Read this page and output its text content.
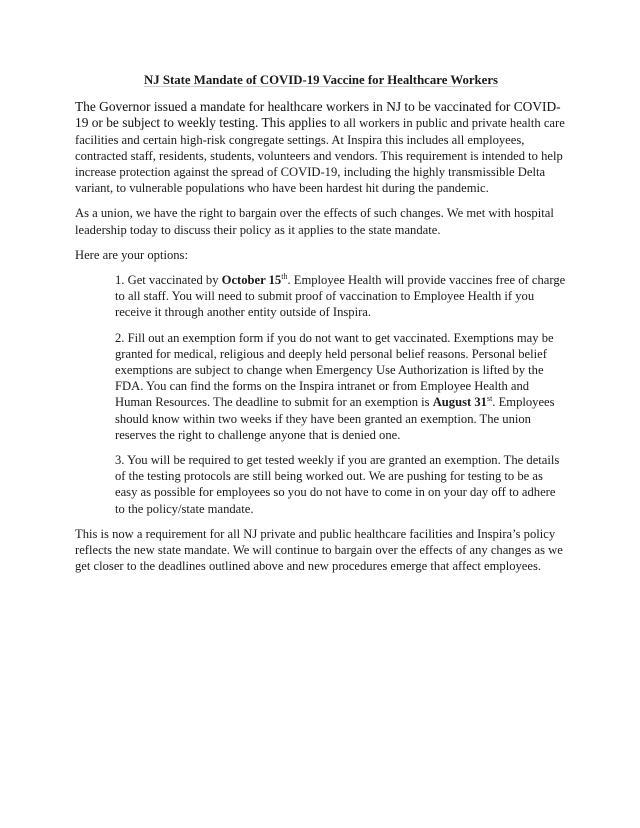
NJ State Mandate of COVID-19 Vaccine for Healthcare Workers

The Governor issued a mandate for healthcare workers in NJ to be vaccinated for COVID-19 or be subject to weekly testing. This applies to all workers in public and private health care facilities and certain high-risk congregate settings. At Inspira this includes all employees, contracted staff, residents, students, volunteers and vendors. This requirement is intended to help increase protection against the spread of COVID-19, including the highly transmissible Delta variant, to vulnerable populations who have been hardest hit during the pandemic.

As a union, we have the right to bargain over the effects of such changes. We met with hospital leadership today to discuss their policy as it applies to the state mandate.

Here are your options:

1. Get vaccinated by October 15th. Employee Health will provide vaccines free of charge to all staff. You will need to submit proof of vaccination to Employee Health if you receive it through another entity outside of Inspira.

2. Fill out an exemption form if you do not want to get vaccinated. Exemptions may be granted for medical, religious and deeply held personal belief reasons. Personal belief exemptions are subject to change when Emergency Use Authorization is lifted by the FDA. You can find the forms on the Inspira intranet or from Employee Health and Human Resources. The deadline to submit for an exemption is August 31st. Employees should know within two weeks if they have been granted an exemption. The union reserves the right to challenge anyone that is denied one.

3. You will be required to get tested weekly if you are granted an exemption. The details of the testing protocols are still being worked out. We are pushing for testing to be as easy as possible for employees so you do not have to come in on your day off to adhere to the policy/state mandate.

This is now a requirement for all NJ private and public healthcare facilities and Inspira’s policy reflects the new state mandate. We will continue to bargain over the effects of any changes as we get closer to the deadlines outlined above and new procedures emerge that affect employees.
